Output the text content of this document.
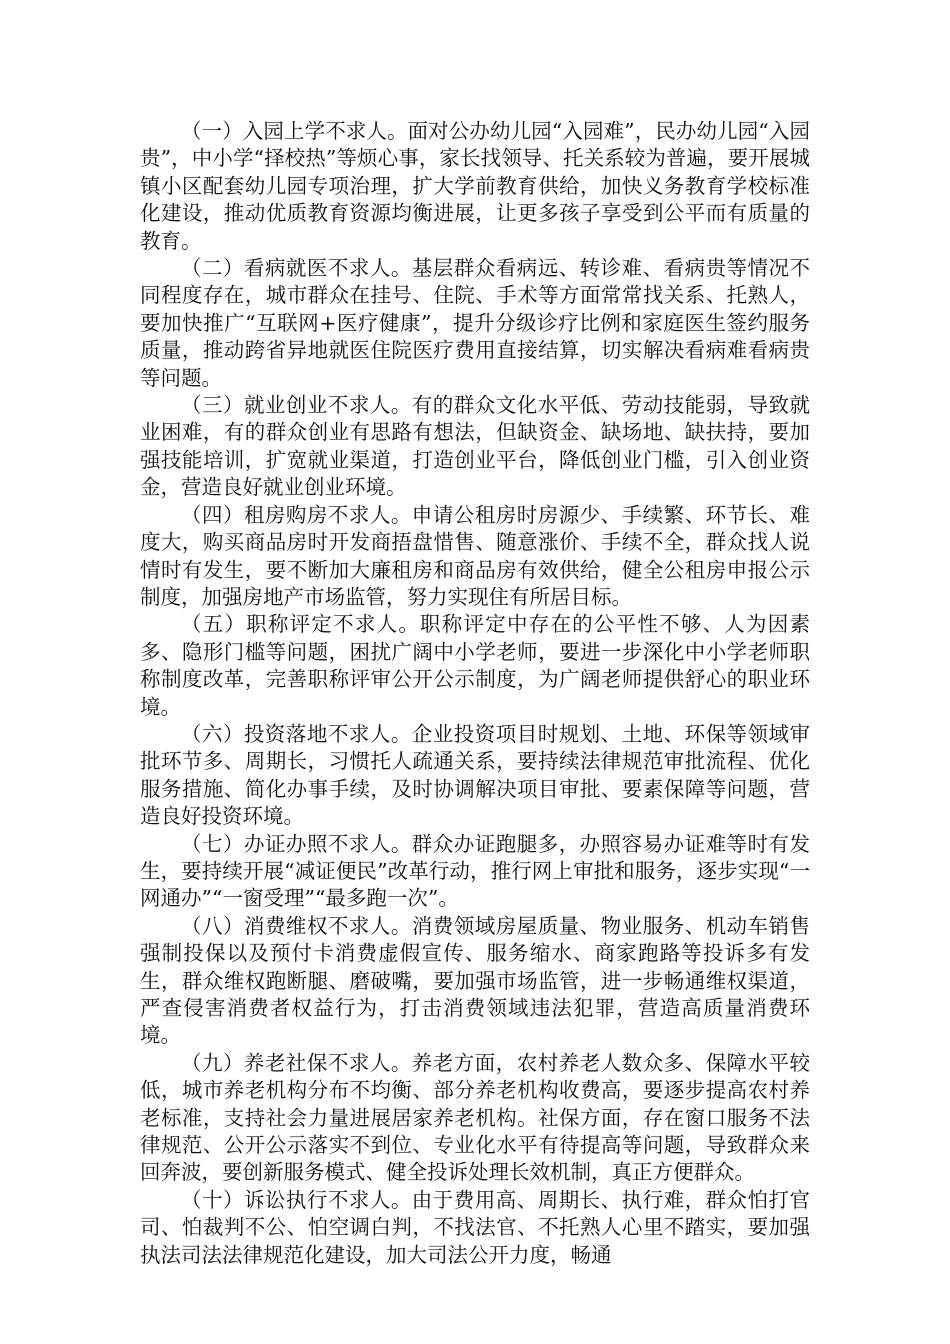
（一）入园上学不求人。面对公办幼儿园“入园难”，民办幼儿园“入园贵”，中小学“择校热”等烦心事，家长找领导、托关系较为普遍，要开展城镇小区配套幼儿园专项治理，扩大学前教育供给，加快义务教育学校标准化建设，推动优质教育资源均衡进展，让更多孩子享受到公平而有质量的教育。

（二）看病就医不求人。基层群众看病远、转诊难、看病贵等情况不同程度存在，城市群众在挂号、住院、手术等方面常常找关系、托熟人，要加快推广“互联网+医疗健康”，提升分级诊疗比例和家庭医生签约服务质量，推动跨省异地就医住院医疗费用直接结算，切实解决看病难看病贵等问题。

（三）就业创业不求人。有的群众文化水平低、劳动技能弱，导致就业困难，有的群众创业有思路有想法，但缺资金、缺场地、缺扶持，要加强技能培训，扩宽就业渠道，打造创业平台，降低创业门槛，引入创业资金，营造良好就业创业环境。

（四）租房购房不求人。申请公租房时房源少、手续繁、环节长、难度大，购买商品房时开发商捂盘惜售、随意涨价、手续不全，群众找人说情时有发生，要不断加大廉租房和商品房有效供给，健全公租房申报公示制度，加强房地产市场监管，努力实现住有所居目标。

（五）职称评定不求人。职称评定中存在的公平性不够、人为因素多、隐形门槛等问题，困扰广阔中小学老师，要进一步深化中小学老师职称制度改革，完善职称评审公开公示制度，为广阔老师提供舒心的职业环境。

（六）投资落地不求人。企业投资项目时规划、土地、环保等领域审批环节多、周期长，习惯托人疏通关系，要持续法律规范审批流程、优化服务措施、简化办事手续，及时协调解决项目审批、要素保障等问题，营造良好投资环境。

（七）办证办照不求人。群众办证跑腿多，办照容易办证难等时有发生，要持续开展“减证便民”改革行动，推行网上审批和服务，逐步实现“一网通办”“一窗受理”“最多跑一次”。

（八）消费维权不求人。消费领域房屋质量、物业服务、机动车销售强制投保以及预付卡消费虚假宣传、服务缩水、商家跑路等投诉多有发生，群众维权跑断腿、磨破嘴，要加强市场监管，进一步畅通维权渠道，严查侵害消费者权益行为，打击消费领域违法犯罪，营造高质量消费环境。

（九）养老社保不求人。养老方面，农村养老人数众多、保障水平较低，城市养老机构分布不均衡、部分养老机构收费高，要逐步提高农村养老标准，支持社会力量进展居家养老机构。社保方面，存在窗口服务不法律规范、公开公示落实不到位、专业化水平有待提高等问题，导致群众来回奔波，要创新服务模式、健全投诉处理长效机制，真正方便群众。

（十）诉讼执行不求人。由于费用高、周期长、执行难，群众怕打官司、怕裁判不公、怕空调白判，不找法官、不托熟人心里不踏实，要加强执法司法法律规范化建设，加大司法公开力度，畅通
